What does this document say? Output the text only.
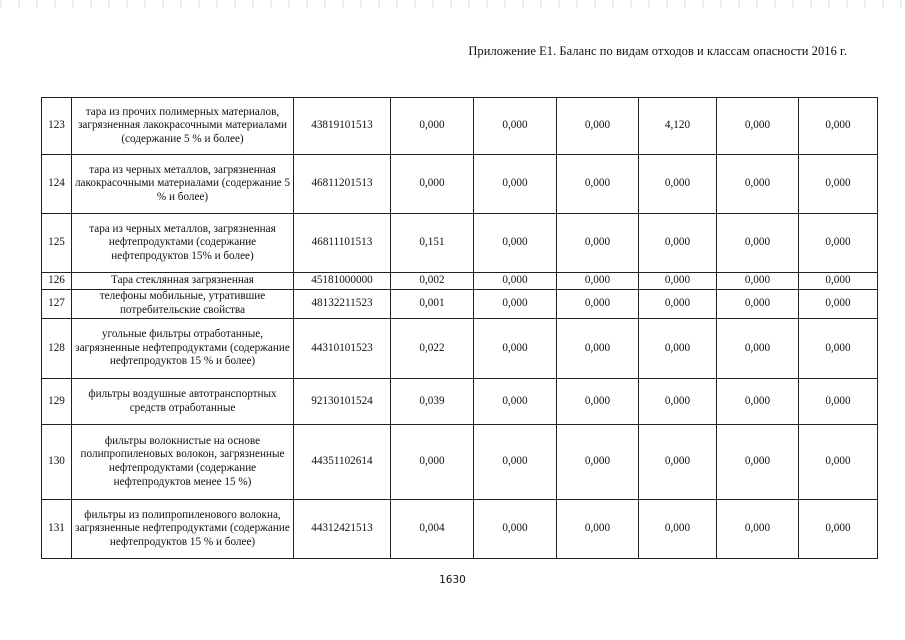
Приложение Е1. Баланс по видам отходов и классам опасности 2016 г.
123	тара из прочих полимерных материалов, загрязненная лакокрасочными материалами (содержание 5 % и более)	43819101513	0,000	0,000	0,000	4,120	0,000	0,000
124	тара из черных металлов, загрязненная лакокрасочными материалами (содержание 5 % и более)	46811201513	0,000	0,000	0,000	0,000	0,000	0,000
125	тара из черных металлов, загрязненная нефтепродуктами (содержание нефтепродуктов 15% и более)	46811101513	0,151	0,000	0,000	0,000	0,000	0,000
126	Тара стеклянная загрязненная	45181000000	0,002	0,000	0,000	0,000	0,000	0,000
127	телефоны мобильные, утратившие потребительские свойства	48132211523	0,001	0,000	0,000	0,000	0,000	0,000
128	угольные фильтры отработанные, загрязненные нефтепродуктами (содержание нефтепродуктов 15 % и более)	44310101523	0,022	0,000	0,000	0,000	0,000	0,000
129	фильтры воздушные автотранспортных средств отработанные	92130101524	0,039	0,000	0,000	0,000	0,000	0,000
130	фильтры волокнистые на основе полипропиленовых волокон, загрязненные нефтепродуктами (содержание нефтепродуктов менее 15 %)	44351102614	0,000	0,000	0,000	0,000	0,000	0,000
131	фильтры из полипропиленового волокна, загрязненные нефтепродуктами (содержание нефтепродуктов 15 % и более)	44312421513	0,004	0,000	0,000	0,000	0,000	0,000
1630
